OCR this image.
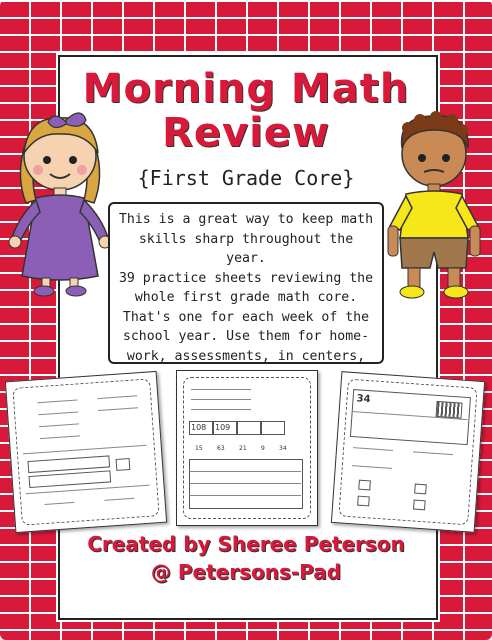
Morning Math
Review
{First Grade Core}
This is a great way to keep math
skills sharp throughout the year.
39 practice sheets reviewing the
whole first grade math core.
That's one for each week of the
school year. Use them for home-
work, assessments, in centers,
108 109
15 63 21 9 34
34
Created by Sheree Peterson
@ Petersons-Pad
